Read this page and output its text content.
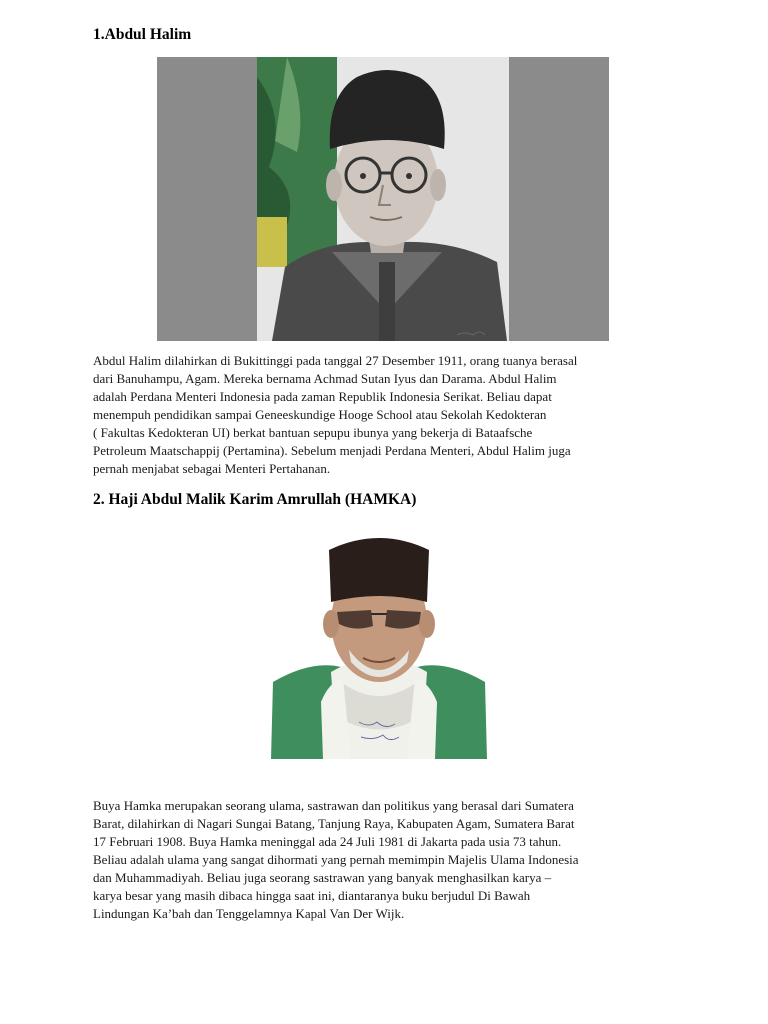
1.Abdul Halim

Abdul Halim dilahirkan di Bukittinggi pada tanggal 27 Desember 1911, orang tuanya berasal
dari Banuhampu, Agam. Mereka bernama Achmad Sutan Iyus dan Darama. Abdul Halim
adalah Perdana Menteri Indonesia pada zaman Republik Indonesia Serikat. Beliau dapat
menempuh pendidikan sampai Geneeskundige Hooge School atau Sekolah Kedokteran
( Fakultas Kedokteran UI) berkat bantuan sepupu ibunya yang bekerja di Bataafsche
Petroleum Maatschappij (Pertamina). Sebelum menjadi Perdana Menteri, Abdul Halim juga
pernah menjabat sebagai Menteri Pertahanan.

2. Haji Abdul Malik Karim Amrullah (HAMKA)

Buya Hamka merupakan seorang ulama, sastrawan dan politikus yang berasal dari Sumatera
Barat, dilahirkan di Nagari Sungai Batang, Tanjung Raya, Kabupaten Agam, Sumatera Barat
17 Februari 1908. Buya Hamka meninggal ada 24 Juli 1981 di Jakarta pada usia 73 tahun.
Beliau adalah ulama yang sangat dihormati yang pernah memimpin Majelis Ulama Indonesia
dan Muhammadiyah. Beliau juga seorang sastrawan yang banyak menghasilkan karya –
karya besar yang masih dibaca hingga saat ini, diantaranya buku berjudul Di Bawah
Lindungan Ka’bah dan Tenggelamnya Kapal Van Der Wijk.
